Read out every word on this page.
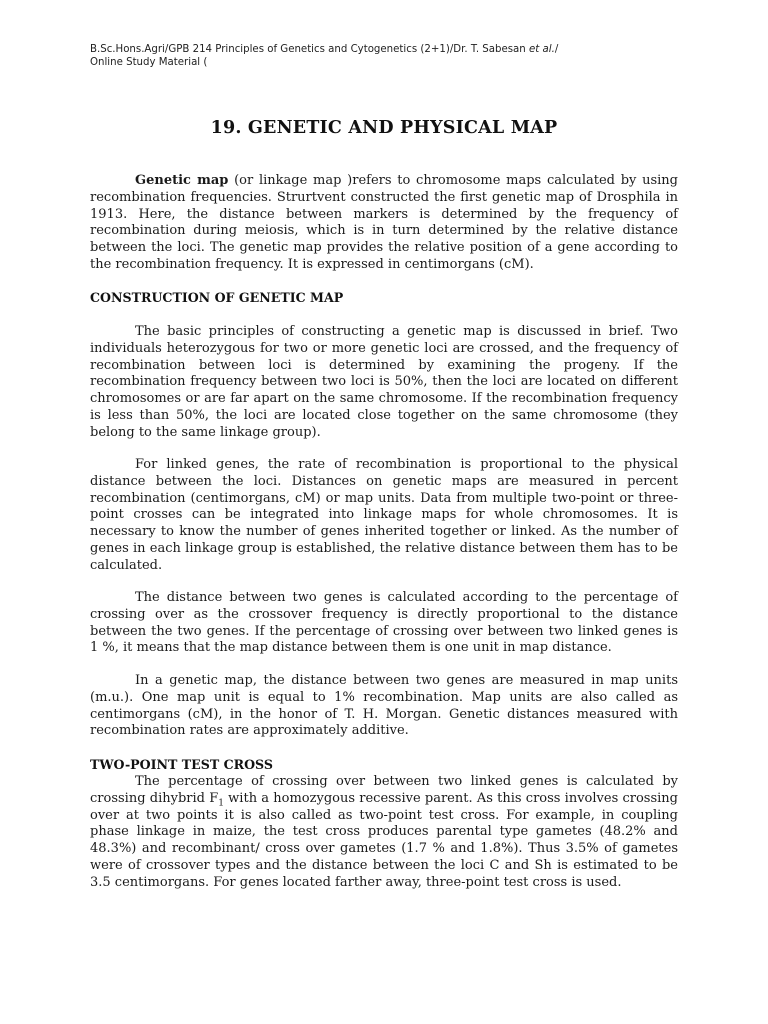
B.Sc.Hons.Agri/GPB 214 Principles of Genetics and Cytogenetics (2+1)/Dr. T. Sabesan et al./
Online Study Material (
19. GENETIC AND PHYSICAL MAP

Genetic map (or linkage map )refers to chromosome maps calculated by using recombination frequencies. Strurtvent constructed the first genetic map of Drosphila in 1913. Here, the distance between markers is determined by the frequency of recombination during meiosis, which is in turn determined by the relative distance between the loci. The genetic map provides the relative position of a gene according to the recombination frequency. It is expressed in centimorgans (cM).

CONSTRUCTION OF GENETIC MAP

The basic principles of constructing a genetic map is discussed in brief. Two individuals heterozygous for two or more genetic loci are crossed, and the frequency of recombination between loci is determined by examining the progeny. If the recombination frequency between two loci is 50%, then the loci are located on different chromosomes or are far apart on the same chromosome. If the recombination frequency is less than 50%, the loci are located close together on the same chromosome (they belong to the same linkage group).

For linked genes, the rate of recombination is proportional to the physical distance between the loci. Distances on genetic maps are measured in percent recombination (centimorgans, cM) or map units. Data from multiple two-point or three-point crosses can be integrated into linkage maps for whole chromosomes. It is necessary to know the number of genes inherited together or linked. As the number of genes in each linkage group is established, the relative distance between them has to be calculated.

The distance between two genes is calculated according to the percentage of crossing over as the crossover frequency is directly proportional to the distance between the two genes. If the percentage of crossing over between two linked genes is 1 %, it means that the map distance between them is one unit in map distance.

In a genetic map, the distance between two genes are measured in map units (m.u.). One map unit is equal to 1% recombination. Map units are also called as centimorgans (cM), in the honor of T. H. Morgan. Genetic distances measured with recombination rates are approximately additive.

TWO-POINT TEST CROSS

The percentage of crossing over between two linked genes is calculated by crossing dihybrid $F_1$ with a homozygous recessive parent. As this cross involves crossing over at two points it is also called as two-point test cross. For example, in coupling phase linkage in maize, the test cross produces parental type gametes (48.2% and 48.3%) and recombinant/ cross over gametes (1.7 % and 1.8%). Thus 3.5% of gametes were of crossover types and the distance between the loci C and Sh is estimated to be 3.5 centimorgans. For genes located farther away, three-point test cross is used.
